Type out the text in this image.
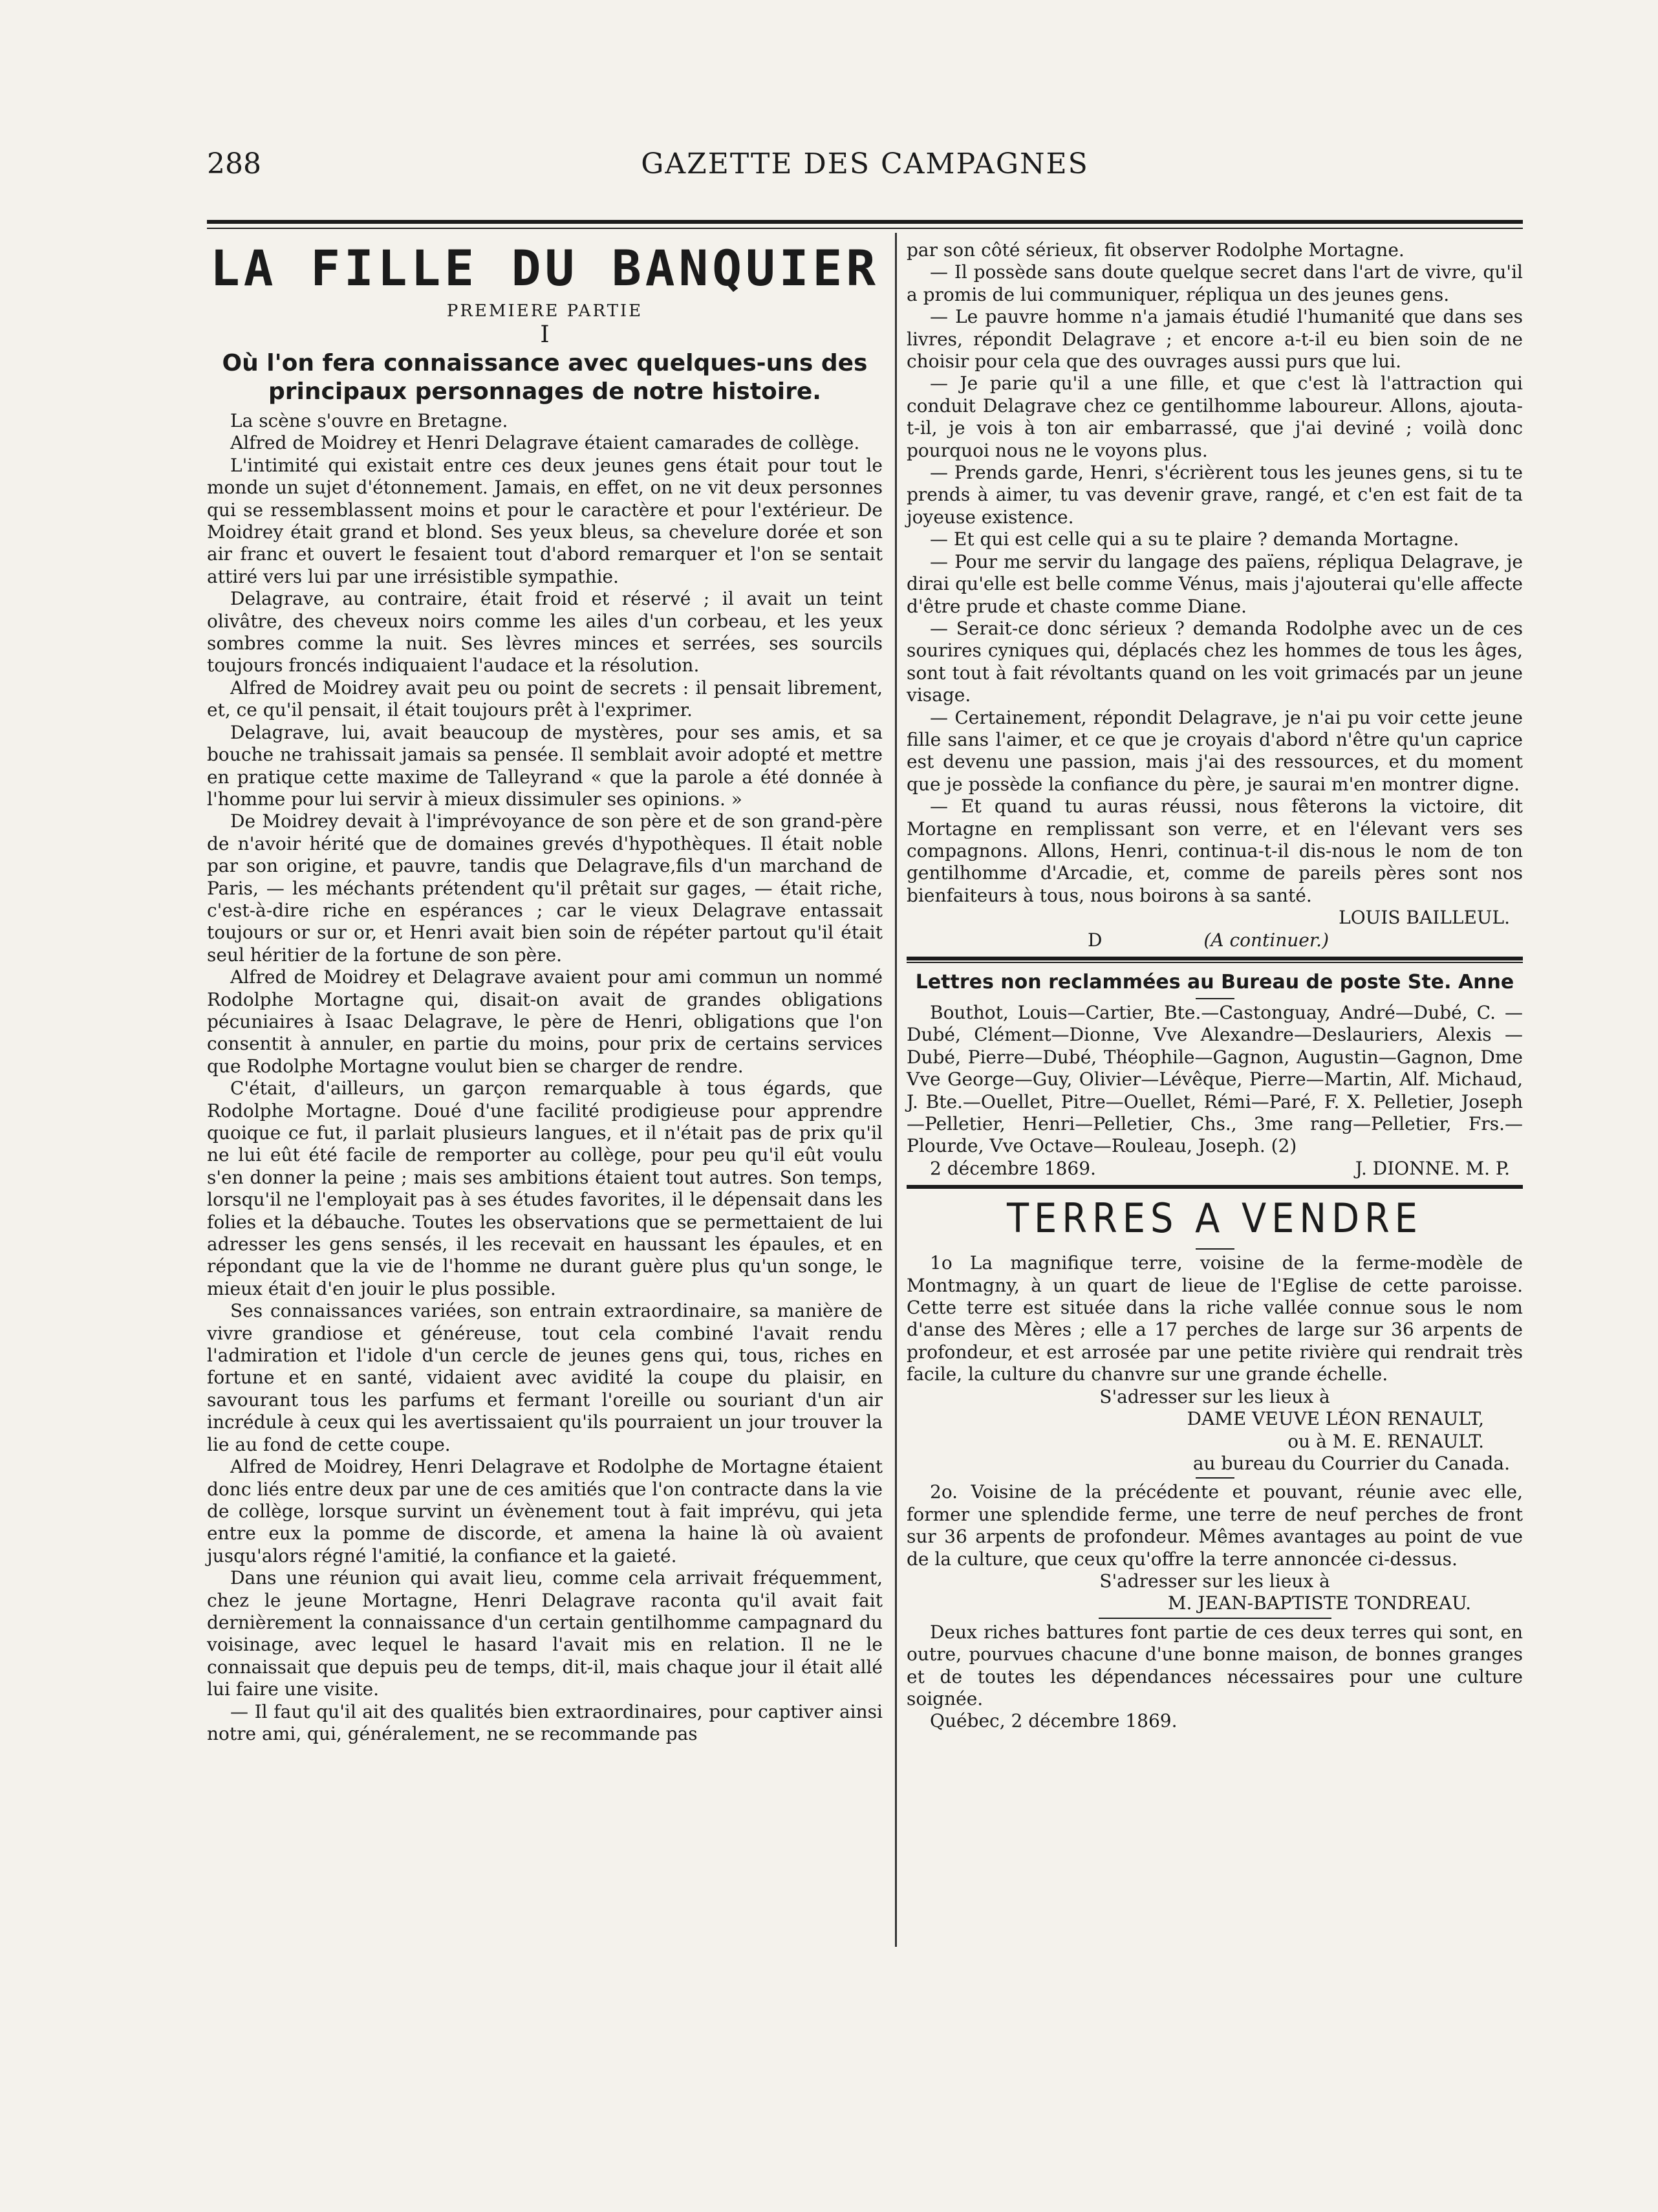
288	GAZETTE DES CAMPAGNES
LA FILLE DU BANQUIER
PREMIERE PARTIE
I
Où l'on fera connaissance avec quelques-uns des principaux personnages de notre histoire.

La scène s'ouvre en Bretagne.

Alfred de Moidrey et Henri Delagrave étaient camarades de collège.

L'intimité qui existait entre ces deux jeunes gens était pour tout le monde un sujet d'étonnement. Jamais, en effet, on ne vit deux personnes qui se ressemblassent moins et pour le caractère et pour l'extérieur. De Moidrey était grand et blond. Ses yeux bleus, sa chevelure dorée et son air franc et ouvert le fesaient tout d'abord remarquer et l'on se sentait attiré vers lui par une irrésistible sympathie.

Delagrave, au contraire, était froid et réservé ; il avait un teint olivâtre, des cheveux noirs comme les ailes d'un corbeau, et les yeux sombres comme la nuit. Ses lèvres minces et serrées, ses sourcils toujours froncés indiquaient l'audace et la résolution.

Alfred de Moidrey avait peu ou point de secrets : il pensait librement, et, ce qu'il pensait, il était toujours prêt à l'exprimer.

Delagrave, lui, avait beaucoup de mystères, pour ses amis, et sa bouche ne trahissait jamais sa pensée. Il semblait avoir adopté et mettre en pratique cette maxime de Talleyrand « que la parole a été donnée à l'homme pour lui servir à mieux dissimuler ses opinions. »

De Moidrey devait à l'imprévoyance de son père et de son grand-père de n'avoir hérité que de domaines grevés d'hypothèques. Il était noble par son origine, et pauvre, tandis que Delagrave,fils d'un marchand de Paris, — les méchants prétendent qu'il prêtait sur gages, — était riche, c'est-à-dire riche en espérances ; car le vieux Delagrave entassait toujours or sur or, et Henri avait bien soin de répéter partout qu'il était seul héritier de la fortune de son père.

Alfred de Moidrey et Delagrave avaient pour ami commun un nommé Rodolphe Mortagne qui, disait-on avait de grandes obligations pécuniaires à Isaac Delagrave, le père de Henri, obligations que l'on consentit à annuler, en partie du moins, pour prix de certains services que Rodolphe Mortagne voulut bien se charger de rendre.

C'était, d'ailleurs, un garçon remarquable à tous égards, que Rodolphe Mortagne. Doué d'une facilité prodigieuse pour apprendre quoique ce fut, il parlait plusieurs langues, et il n'était pas de prix qu'il ne lui eût été facile de remporter au collège, pour peu qu'il eût voulu s'en donner la peine ; mais ses ambitions étaient tout autres. Son temps, lorsqu'il ne l'employait pas à ses études favorites, il le dépensait dans les folies et la débauche. Toutes les observations que se permettaient de lui adresser les gens sensés, il les recevait en haussant les épaules, et en répondant que la vie de l'homme ne durant guère plus qu'un songe, le mieux était d'en jouir le plus possible.

Ses connaissances variées, son entrain extraordinaire, sa manière de vivre grandiose et généreuse, tout cela combiné l'avait rendu l'admiration et l'idole d'un cercle de jeunes gens qui, tous, riches en fortune et en santé, vidaient avec avidité la coupe du plaisir, en savourant tous les parfums et fermant l'oreille ou souriant d'un air incrédule à ceux qui les avertissaient qu'ils pourraient un jour trouver la lie au fond de cette coupe.

Alfred de Moidrey, Henri Delagrave et Rodolphe de Mortagne étaient donc liés entre deux par une de ces amitiés que l'on contracte dans la vie de collège, lorsque survint un évènement tout à fait imprévu, qui jeta entre eux la pomme de discorde, et amena la haine là où avaient jusqu'alors régné l'amitié, la confiance et la gaieté.

Dans une réunion qui avait lieu, comme cela arrivait fréquemment, chez le jeune Mortagne, Henri Delagrave raconta qu'il avait fait dernièrement la connaissance d'un certain gentilhomme campagnard du voisinage, avec lequel le hasard l'avait mis en relation. Il ne le connaissait que depuis peu de temps, dit-il, mais chaque jour il était allé lui faire une visite.

— Il faut qu'il ait des qualités bien extraordinaires, pour captiver ainsi notre ami, qui, généralement, ne se recommande pas

par son côté sérieux, fit observer Rodolphe Mortagne.

— Il possède sans doute quelque secret dans l'art de vivre, qu'il a promis de lui communiquer, répliqua un des jeunes gens.

— Le pauvre homme n'a jamais étudié l'humanité que dans ses livres, répondit Delagrave ; et encore a-t-il eu bien soin de ne choisir pour cela que des ouvrages aussi purs que lui.

— Je parie qu'il a une fille, et que c'est là l'attraction qui conduit Delagrave chez ce gentilhomme laboureur. Allons, ajouta-t-il, je vois à ton air embarrassé, que j'ai deviné ; voilà donc pourquoi nous ne le voyons plus.

— Prends garde, Henri, s'écrièrent tous les jeunes gens, si tu te prends à aimer, tu vas devenir grave, rangé, et c'en est fait de ta joyeuse existence.

— Et qui est celle qui a su te plaire ? demanda Mortagne.

— Pour me servir du langage des païens, répliqua Delagrave, je dirai qu'elle est belle comme Vénus, mais j'ajouterai qu'elle affecte d'être prude et chaste comme Diane.

— Serait-ce donc sérieux ? demanda Rodolphe avec un de ces sourires cyniques qui, déplacés chez les hommes de tous les âges, sont tout à fait révoltants quand on les voit grimacés par un jeune visage.

— Certainement, répondit Delagrave, je n'ai pu voir cette jeune fille sans l'aimer, et ce que je croyais d'abord n'être qu'un caprice est devenu une passion, mais j'ai des ressources, et du moment que je possède la confiance du père, je saurai m'en montrer digne.

— Et quand tu auras réussi, nous fêterons la victoire, dit Mortagne en remplissant son verre, et en l'élevant vers ses compagnons. Allons, Henri, continua-t-il dis-nous le nom de ton gentilhomme d'Arcadie, et, comme de pareils pères sont nos bienfaiteurs à tous, nous boirons à sa santé.

LOUIS BAILLEUL.
D	(A continuer.)
Lettres non reclammées au Bureau de poste Ste. Anne

Bouthot, Louis—Cartier, Bte.—Castonguay, André—Dubé, C. —Dubé, Clément—Dionne, Vve Alexandre—Deslauriers, Alexis —Dubé, Pierre—Dubé, Théophile—Gagnon, Augustin—Gagnon, Dme Vve George—Guy, Olivier—Lévêque, Pierre—Martin, Alf. Michaud, J. Bte.—Ouellet, Pitre—Ouellet, Rémi—Paré, F. X. Pelletier, Joseph—Pelletier, Henri—Pelletier, Chs., 3me rang—Pelletier, Frs.—Plourde, Vve Octave—Rouleau, Joseph. (2)

2 décembre 1869.	J. DIONNE. M. P.
TERRES A VENDRE

1o La magnifique terre, voisine de la ferme-modèle de Montmagny, à un quart de lieue de l'Eglise de cette paroisse. Cette terre est située dans la riche vallée connue sous le nom d'anse des Mères ; elle a 17 perches de large sur 36 arpents de profondeur, et est arrosée par une petite rivière qui rendrait très facile, la culture du chanvre sur une grande échelle.

S'adresser sur les lieux à
DAME VEUVE LÉON RENAULT,
ou à M. E. RENAULT.
au bureau du Courrier du Canada.

2o. Voisine de la précédente et pouvant, réunie avec elle, former une splendide ferme, une terre de neuf perches de front sur 36 arpents de profondeur. Mêmes avantages au point de vue de la culture, que ceux qu'offre la terre annoncée ci-dessus.

S'adresser sur les lieux à
M. JEAN-BAPTISTE TONDREAU.

Deux riches battures font partie de ces deux terres qui sont, en outre, pourvues chacune d'une bonne maison, de bonnes granges et de toutes les dépendances nécessaires pour une culture soignée.

Québec, 2 décembre 1869.
